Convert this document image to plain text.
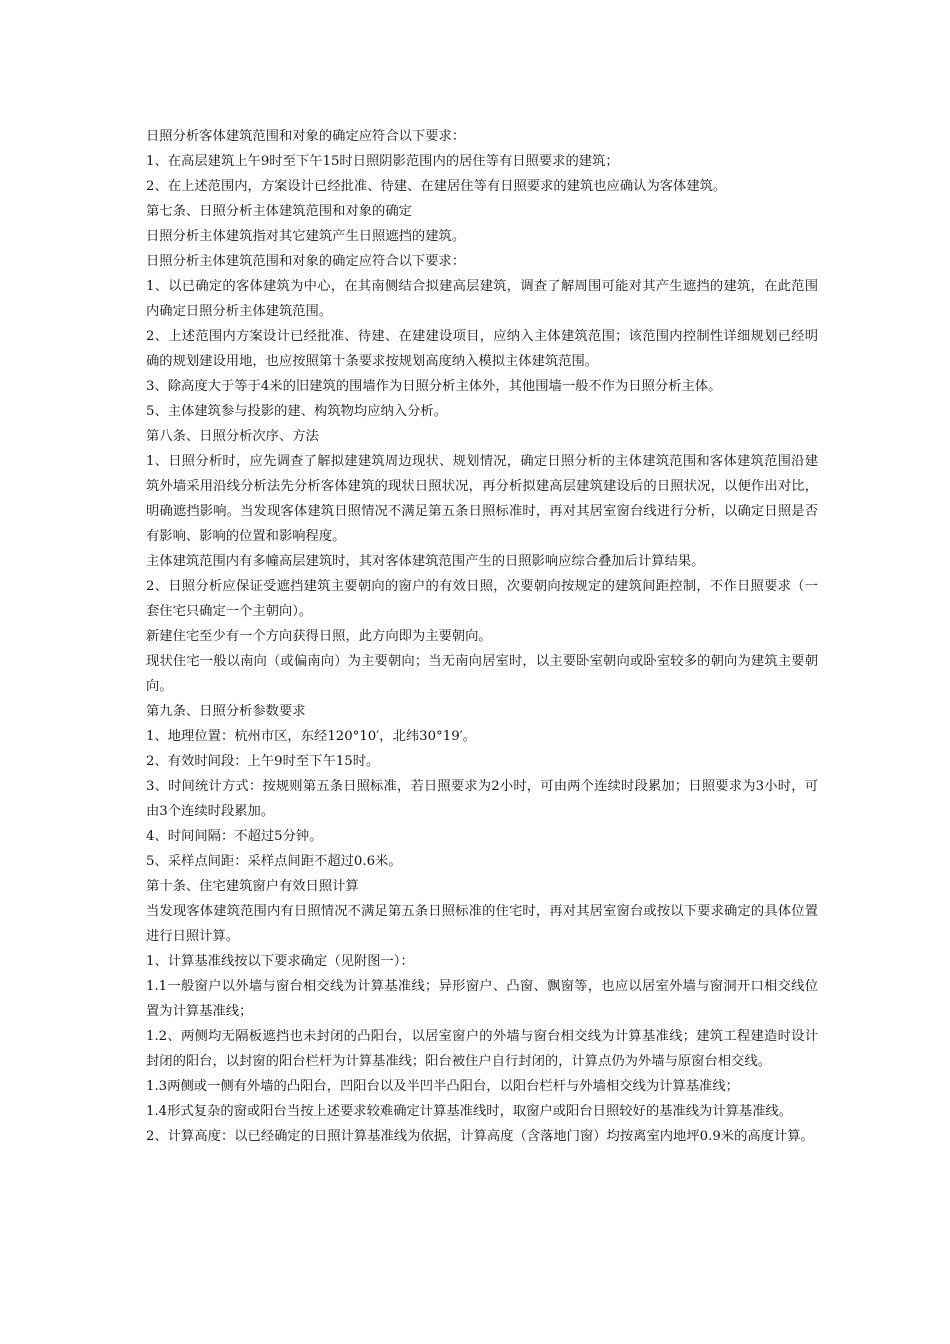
日照分析客体建筑范围和对象的确定应符合以下要求：

1、在高层建筑上午9时至下午15时日照阴影范围内的居住等有日照要求的建筑；

2、在上述范围内，方案设计已经批准、待建、在建居住等有日照要求的建筑也应确认为客体建筑。

第七条、日照分析主体建筑范围和对象的确定

日照分析主体建筑指对其它建筑产生日照遮挡的建筑。

日照分析主体建筑范围和对象的确定应符合以下要求：

1、以已确定的客体建筑为中心，在其南侧结合拟建高层建筑，调查了解周围可能对其产生遮挡的建筑，在此范围内确定日照分析主体建筑范围。

2、上述范围内方案设计已经批准、待建、在建建设项目，应纳入主体建筑范围；该范围内控制性详细规划已经明确的规划建设用地，也应按照第十条要求按规划高度纳入模拟主体建筑范围。

3、除高度大于等于4米的旧建筑的围墙作为日照分析主体外，其他围墙一般不作为日照分析主体。

5、主体建筑参与投影的建、构筑物均应纳入分析。

第八条、日照分析次序、方法

1、日照分析时，应先调查了解拟建建筑周边现状、规划情况，确定日照分析的主体建筑范围和客体建筑范围沿建筑外墙采用沿线分析法先分析客体建筑的现状日照状况，再分析拟建高层建筑建设后的日照状况，以便作出对比，明确遮挡影响。当发现客体建筑日照情况不满足第五条日照标准时，再对其居室窗台线进行分析，以确定日照是否有影响、影响的位置和影响程度。

主体建筑范围内有多幢高层建筑时，其对客体建筑范围产生的日照影响应综合叠加后计算结果。

2、日照分析应保证受遮挡建筑主要朝向的窗户的有效日照，次要朝向按规定的建筑间距控制，不作日照要求（一套住宅只确定一个主朝向）。

新建住宅至少有一个方向获得日照，此方向即为主要朝向。

现状住宅一般以南向（或偏南向）为主要朝向；当无南向居室时，以主要卧室朝向或卧室较多的朝向为建筑主要朝向。

第九条、日照分析参数要求

1、地理位置：杭州市区，东经120°10′，北纬30°19′。

2、有效时间段：上午9时至下午15时。

3、时间统计方式：按规则第五条日照标准，若日照要求为2小时，可由两个连续时段累加；日照要求为3小时，可由3个连续时段累加。

4、时间间隔：不超过5分钟。

5、采样点间距：采样点间距不超过0.6米。

第十条、住宅建筑窗户有效日照计算

当发现客体建筑范围内有日照情况不满足第五条日照标准的住宅时，再对其居室窗台或按以下要求确定的具体位置进行日照计算。

1、计算基准线按以下要求确定（见附图一）：

1.1一般窗户以外墙与窗台相交线为计算基准线；异形窗户、凸窗、飘窗等，也应以居室外墙与窗洞开口相交线位置为计算基准线；

1.2、两侧均无隔板遮挡也未封闭的凸阳台，以居室窗户的外墙与窗台相交线为计算基准线；建筑工程建造时设计封闭的阳台，以封窗的阳台栏杆为计算基准线；阳台被住户自行封闭的，计算点仍为外墙与原窗台相交线。

1.3两侧或一侧有外墙的凸阳台，凹阳台以及半凹半凸阳台，以阳台栏杆与外墙相交线为计算基准线；

1.4形式复杂的窗或阳台当按上述要求较难确定计算基准线时，取窗户或阳台日照较好的基准线为计算基准线。

2、计算高度：以已经确定的日照计算基准线为依据，计算高度（含落地门窗）均按离室内地坪0.9米的高度计算。
